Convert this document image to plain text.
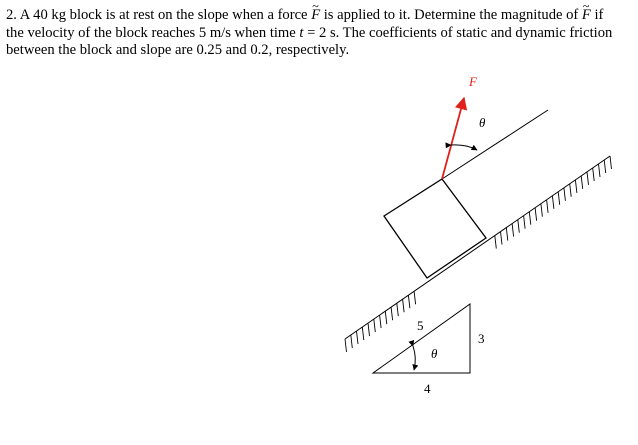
2. A 40 kg block is at rest on the slope when a force ~ F is applied to it. Determine the magnitude of ~ F if

the velocity of the block reaches 5 m/s when time t = 2 s. The coefficients of static and dynamic friction

between the block and slope are 0.25 and 0.2, respectively.

F
θ
5
3
4
θ
